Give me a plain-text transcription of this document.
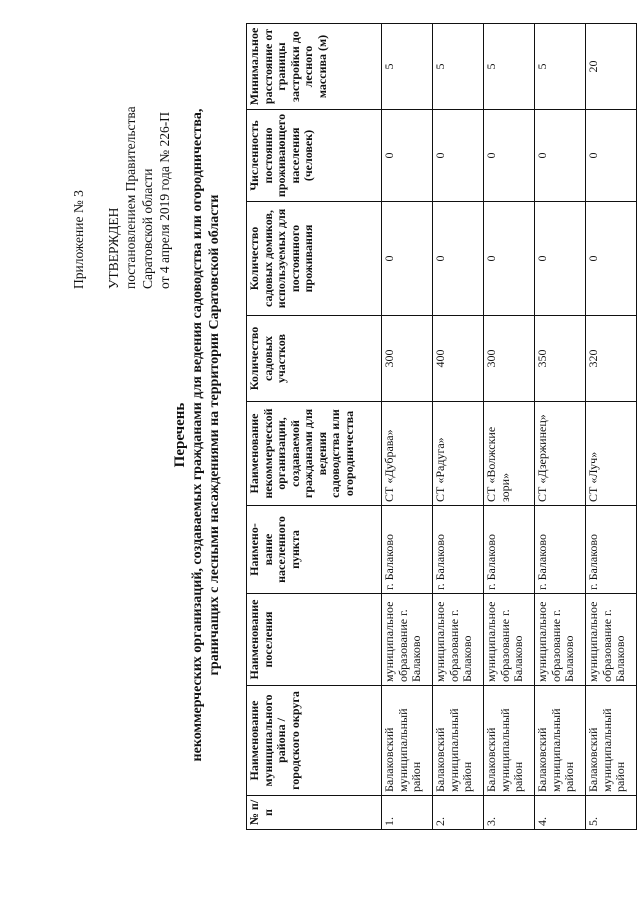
Приложение № 3 УТВЕРЖДЕН постановлением Правительства Саратовской области от 4 апреля 2019 года № 226-П
Перечень некоммерческих организаций, создаваемых гражданами для ведения садоводства или огородничества, граничащих с лесными насаждениями на территории Саратовской области
№ п/п	Наименование муниципального района / городского округа	Наименование поселения	Наимено-вание населенного пункта	Наименование некоммерческой организации, создаваемой гражданами для ведения садоводства или огородничества	Количество садовых участков	Количество садовых домиков, используемых для постоянного проживания	Численность постоянно проживающего населения (человек)	Минимальное расстояние от границы застройки до лесного массива (м)
1.	Балаковский муниципальный район	муниципальное образование г. Балаково	г. Балаково	СТ «Дубрава»	300	0	0	5
2.	Балаковский муниципальный район	муниципальное образование г. Балаково	г. Балаково	СТ «Радуга»	400	0	0	5
3.	Балаковский муниципальный район	муниципальное образование г. Балаково	г. Балаково	СТ «Волжские зори»	300	0	0	5
4.	Балаковский муниципальный район	муниципальное образование г. Балаково	г. Балаково	СТ «Дзержинец»	350	0	0	5
5.	Балаковский муниципальный район	муниципальное образование г. Балаково	г. Балаково	СТ «Луч»	320	0	0	20
